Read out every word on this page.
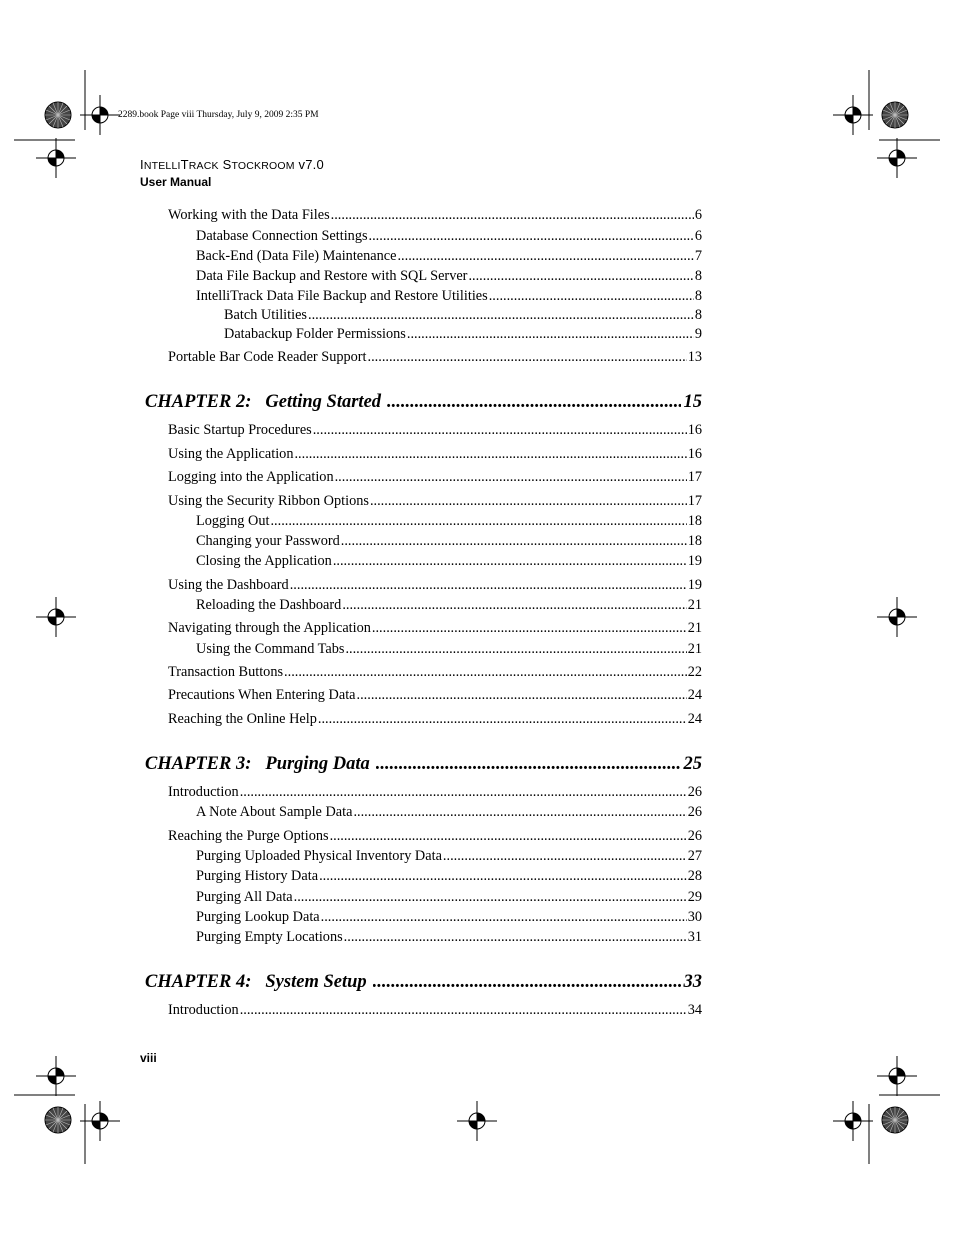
2289.book Page viii Thursday, July 9, 2009 2:35 PM
INTELLITRACK STOCKROOM v7.0
User Manual
Working with the Data Files .....	6
Database Connection Settings .....	6
Back-End (Data File) Maintenance .....	7
Data File Backup and Restore with SQL Server .....	8
IntelliTrack Data File Backup and Restore Utilities .....	8
Batch Utilities .....	8
Databackup Folder Permissions .....	9
Portable Bar Code Reader Support .....	13
CHAPTER 2: Getting Started .....	15
Basic Startup Procedures .....	16
Using the Application .....	16
Logging into the Application .....	17
Using the Security Ribbon Options .....	17
Logging Out .....	18
Changing your Password .....	18
Closing the Application .....	19
Using the Dashboard .....	19
Reloading the Dashboard .....	21
Navigating through the Application .....	21
Using the Command Tabs .....	21
Transaction Buttons .....	22
Precautions When Entering Data .....	24
Reaching the Online Help .....	24
CHAPTER 3: Purging Data .....	25
Introduction .....	26
A Note About Sample Data .....	26
Reaching the Purge Options .....	26
Purging Uploaded Physical Inventory Data .....	27
Purging History Data .....	28
Purging All Data .....	29
Purging Lookup Data .....	30
Purging Empty Locations .....	31
CHAPTER 4: System Setup .....	33
Introduction .....	34
viii
